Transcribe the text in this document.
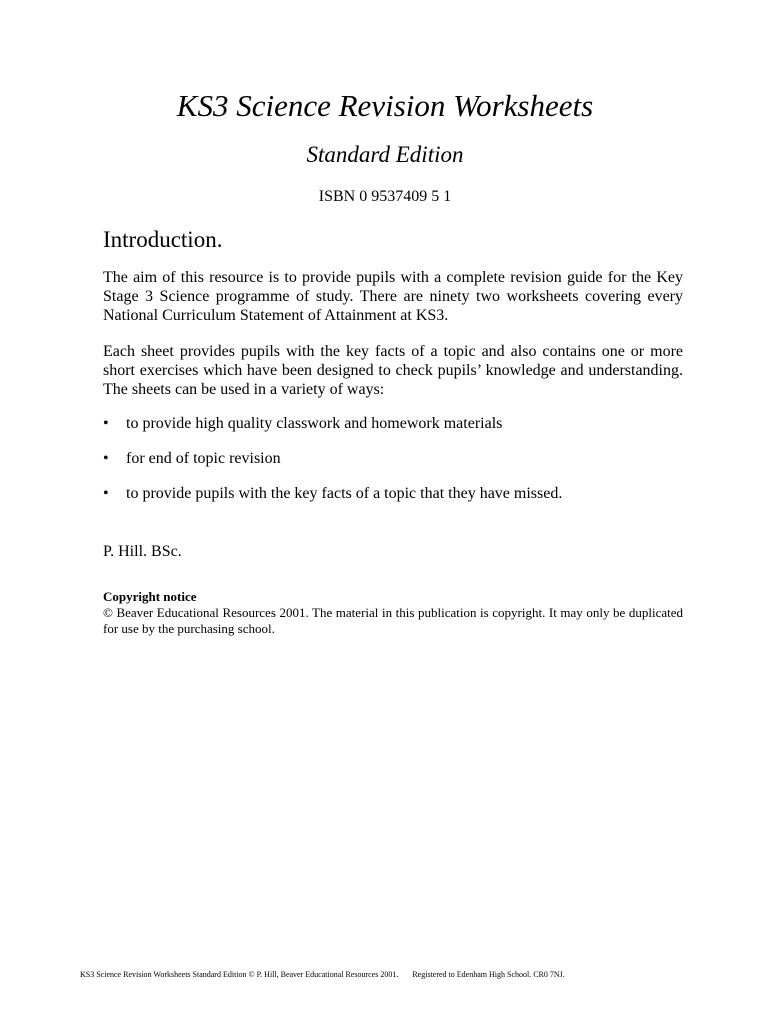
KS3 Science Revision Worksheets
Standard Edition

ISBN 0 9537409 5 1

Introduction.

The aim of this resource is to provide pupils with a complete revision guide for the Key Stage 3 Science programme of study. There are ninety two worksheets covering every National Curriculum Statement of Attainment at KS3.

Each sheet provides pupils with the key facts of a topic and also contains one or more short exercises which have been designed to check pupils’ knowledge and understanding. The sheets can be used in a variety of ways:

•	to provide high quality classwork and homework materials
•	for end of topic revision
•	to provide pupils with the key facts of a topic that they have missed.

P. Hill. BSc.

Copyright notice

© Beaver Educational Resources 2001. The material in this publication is copyright. It may only be duplicated for use by the purchasing school.

KS3 Science Revision Worksheets Standard Edition © P. Hill, Beaver Educational Resources 2001. Registered to Edenham High School. CR0 7NJ.
